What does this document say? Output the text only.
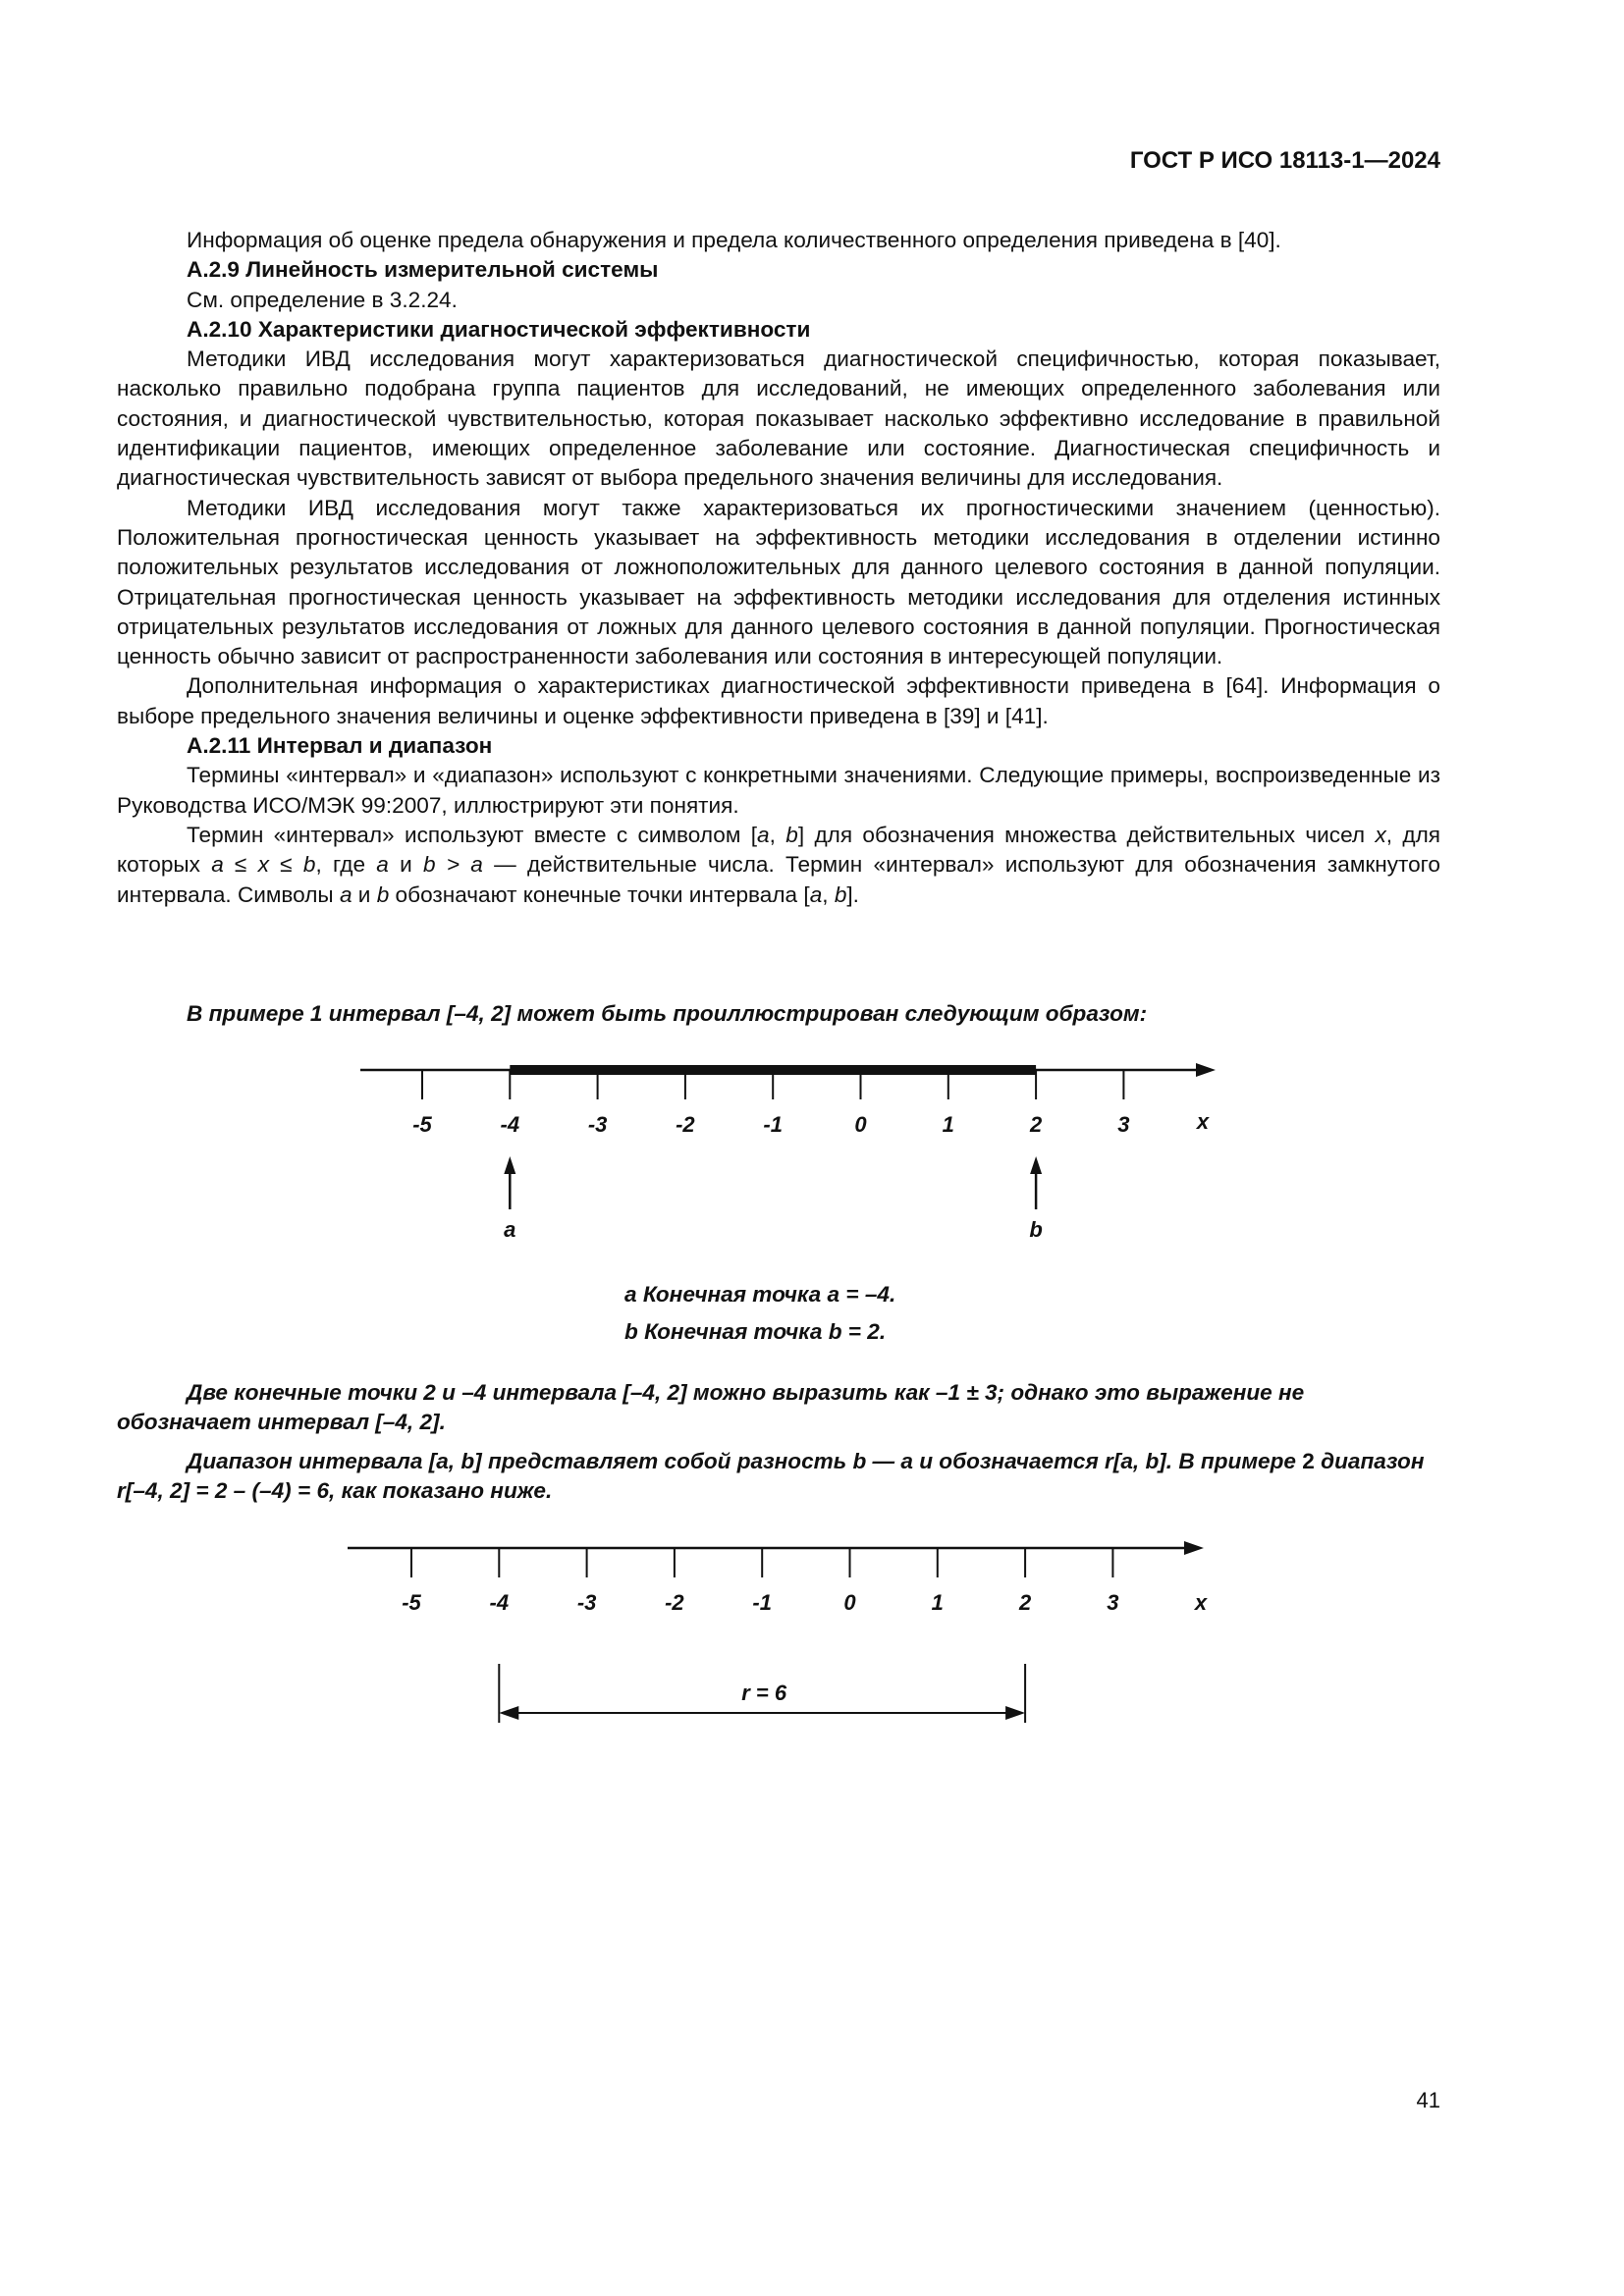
ГОСТ Р ИСО 18113-1—2024

Информация об оценке предела обнаружения и предела количественного определения приведена в [40].

А.2.9 Линейность измерительной системы

См. определение в 3.2.24.

А.2.10 Характеристики диагностической эффективности

Методики ИВД исследования могут характеризоваться диагностической специфичностью, которая показывает, насколько правильно подобрана группа пациентов для исследований, не имеющих определенного заболевания или состояния, и диагностической чувствительностью, которая показывает насколько эффективно исследование в правильной идентификации пациентов, имеющих определенное заболевание или состояние. Диагностическая специфичность и диагностическая чувствительность зависят от выбора предельного значения величины для исследования.

Методики ИВД исследования могут также характеризоваться их прогностическими значением (ценностью). Положительная прогностическая ценность указывает на эффективность методики исследования в отделении истинно положительных результатов исследования от ложноположительных для данного целевого состояния в данной популяции. Отрицательная прогностическая ценность указывает на эффективность методики исследования для отделения истинных отрицательных результатов исследования от ложных для данного целевого состояния в данной популяции. Прогностическая ценность обычно зависит от распространенности заболевания или состояния в интересующей популяции.

Дополнительная информация о характеристиках диагностической эффективности приведена в [64]. Информация о выборе предельного значения величины и оценке эффективности приведена в [39] и [41].

А.2.11 Интервал и диапазон

Термины «интервал» и «диапазон» используют с конкретными значениями. Следующие примеры, воспроизведенные из Руководства ИСО/МЭК 99:2007, иллюстрируют эти понятия.

Термин «интервал» используют вместе с символом [a, b] для обозначения множества действительных чисел x, для которых a ≤ x ≤ b, где a и b > a — действительные числа. Термин «интервал» используют для обозначения замкнутого интервала. Символы a и b обозначают конечные точки интервала [a, b].

В примере 1 интервал [–4, 2] может быть проиллюстрирован следующим образом:

-5	-4	-3	-2	-1	0	1	2	3	x
a	b
a Конечная точка a = –4.
b Конечная точка b = 2.

Две конечные точки 2 и –4 интервала [–4, 2] можно выразить как –1 ± 3; однако это выражение не обозначает интервал [–4, 2].

Диапазон интервала [a, b] представляет собой разность b — a и обозначается r[a, b]. В примере 2 диапазон r[–4, 2] = 2 – (–4) = 6, как показано ниже.

-5	-4	-3	-2	-1	0	1	2	3	x
r = 6
41
